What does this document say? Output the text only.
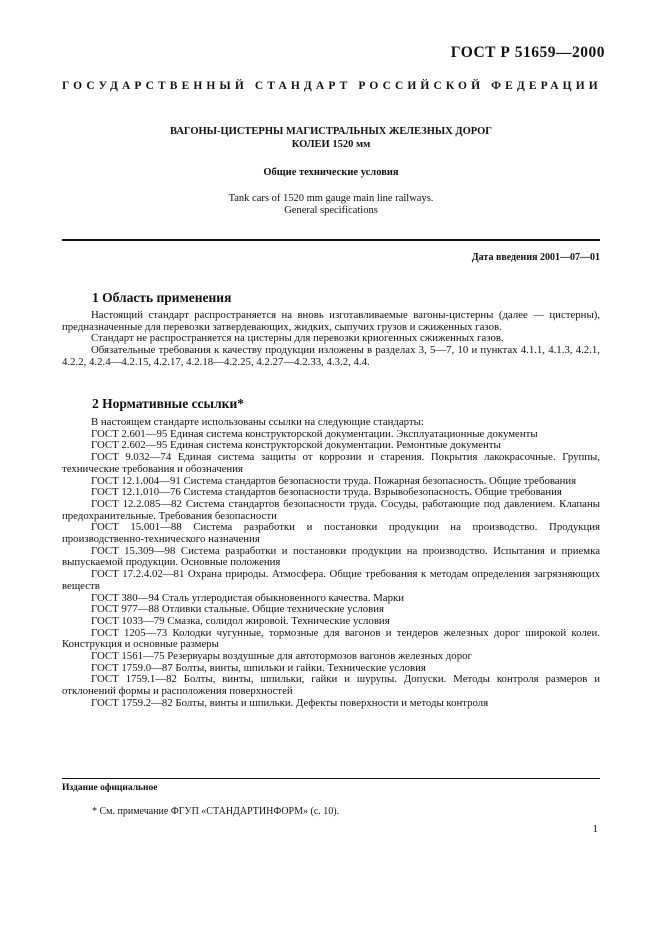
ГОСТ Р 51659—2000
ГОСУДАРСТВЕННЫЙ СТАНДАРТ РОССИЙСКОЙ ФЕДЕРАЦИИ
ВАГОНЫ-ЦИСТЕРНЫ МАГИСТРАЛЬНЫХ ЖЕЛЕЗНЫХ ДОРОГ
КОЛЕИ 1520 мм
Общие технические условия
Tank cars of 1520 mm gauge main line railways.
General specifications
Дата введения 2001—07—01
1 Область применения

Настоящий стандарт распространяется на вновь изготавливаемые вагоны-цистерны (далее — цистерны), предназначенные для перевозки затвердевающих, жидких, сыпучих грузов и сжиженных газов.

Стандарт не распространяется на цистерны для перевозки криогенных сжиженных газов.

Обязательные требования к качеству продукции изложены в разделах 3, 5—7, 10 и пунктах 4.1.1, 4.1.3, 4.2.1, 4.2.2, 4.2.4—4.2.15, 4.2.17, 4.2.18—4.2.25, 4.2.27—4.2.33, 4.3.2, 4.4.

2 Нормативные ссылки*

В настоящем стандарте использованы ссылки на следующие стандарты:

ГОСТ 2.601—95 Единая система конструкторской документации. Эксплуатационные документы

ГОСТ 2.602—95 Единая система конструкторской документации. Ремонтные документы

ГОСТ 9.032—74 Единая система защиты от коррозии и старения. Покрытия лакокрасочные. Группы, технические требования и обозначения

ГОСТ 12.1.004—91 Система стандартов безопасности труда. Пожарная безопасность. Общие требования

ГОСТ 12.1.010—76 Система стандартов безопасности труда. Взрывобезопасность. Общие требования

ГОСТ 12.2.085—82 Система стандартов безопасности труда. Сосуды, работающие под давлением. Клапаны предохранительные. Требования безопасности

ГОСТ 15.001—88 Система разработки и постановки продукции на производство. Продукция производственно-технического назначения

ГОСТ 15.309—98 Система разработки и постановки продукции на производство. Испытания и приемка выпускаемой продукции. Основные положения

ГОСТ 17.2.4.02—81 Охрана природы. Атмосфера. Общие требования к методам определения загрязняющих веществ

ГОСТ 380—94 Сталь углеродистая обыкновенного качества. Марки

ГОСТ 977—88 Отливки стальные. Общие технические условия

ГОСТ 1033—79 Смазка, солидол жировой. Технические условия

ГОСТ 1205—73 Колодки чугунные, тормозные для вагонов и тендеров железных дорог широкой колеи. Конструкция и основные размеры

ГОСТ 1561—75 Резервуары воздушные для автотормозов вагонов железных дорог

ГОСТ 1759.0—87 Болты, винты, шпильки и гайки. Технические условия

ГОСТ 1759.1—82 Болты, винты, шпильки, гайки и шурупы. Допуски. Методы контроля размеров и отклонений формы и расположения поверхностей

ГОСТ 1759.2—82 Болты, винты и шпильки. Дефекты поверхности и методы контроля

Издание официальное
* См. примечание ФГУП «СТАНДАРТИНФОРМ» (с. 10).
1
